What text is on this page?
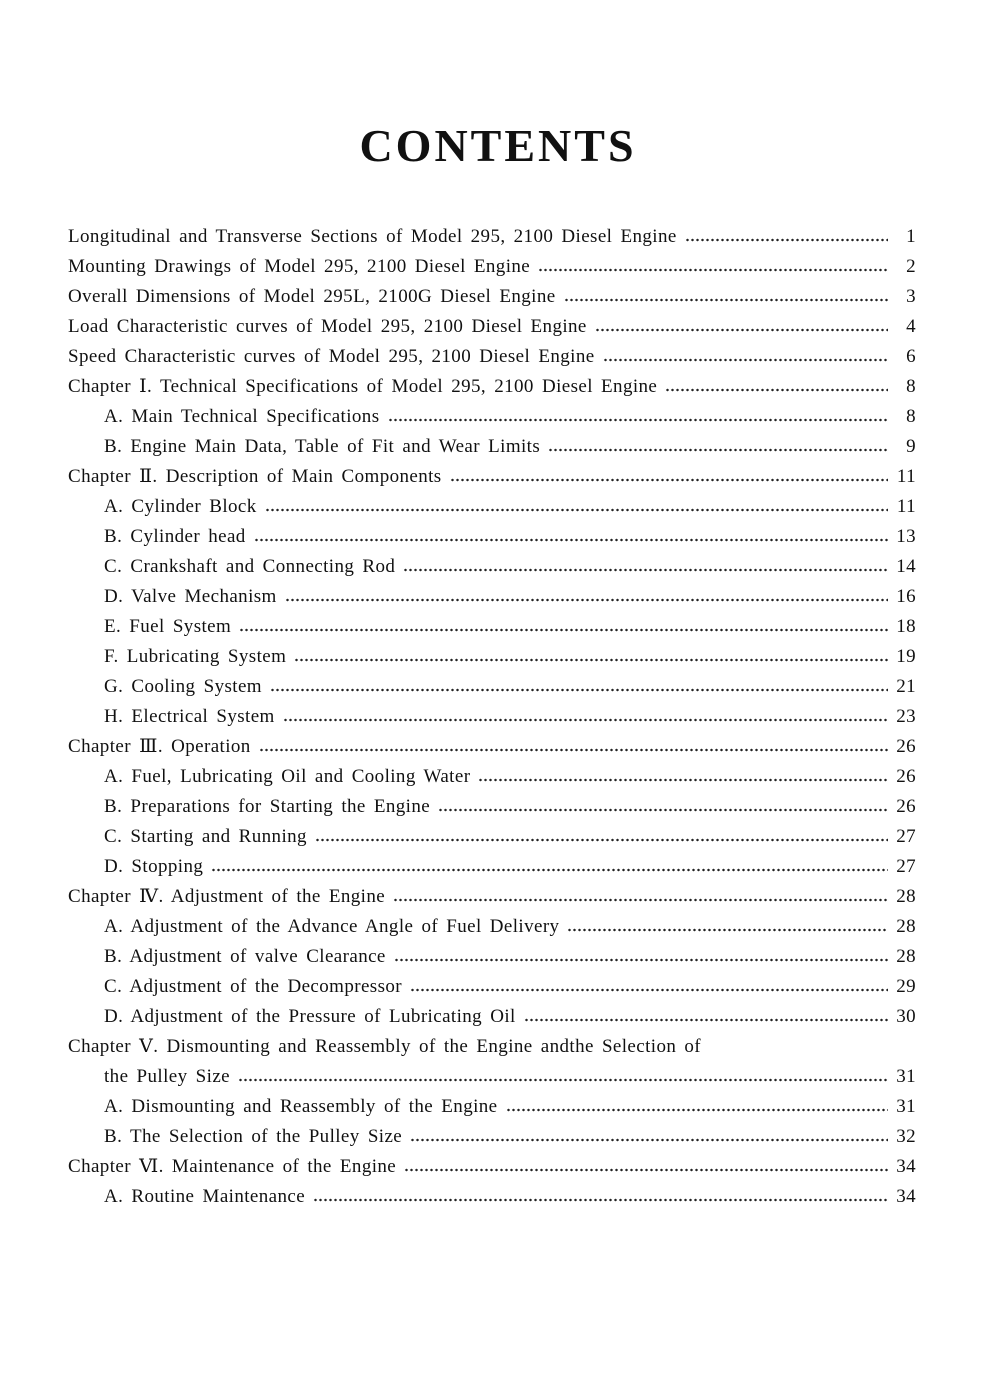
CONTENTS
Longitudinal and Transverse Sections of Model 295, 2100 Diesel Engine	1
Mounting Drawings of Model 295, 2100 Diesel Engine	2
Overall Dimensions of Model 295L, 2100G Diesel Engine	3
Load Characteristic curves of Model 295, 2100 Diesel Engine	4
Speed Characteristic curves of Model 295, 2100 Diesel Engine	6
Chapter Ⅰ. Technical Specifications of Model 295, 2100 Diesel Engine	8
A. Main Technical Specifications	8
B. Engine Main Data, Table of Fit and Wear Limits	9
Chapter Ⅱ. Description of Main Components	11
A. Cylinder Block	11
B. Cylinder head	13
C. Crankshaft and Connecting Rod	14
D. Valve Mechanism	16
E. Fuel System	18
F. Lubricating System	19
G. Cooling System	21
H. Electrical System	23
Chapter Ⅲ. Operation	26
A. Fuel, Lubricating Oil and Cooling Water	26
B. Preparations for Starting the Engine	26
C. Starting and Running	27
D. Stopping	27
Chapter Ⅳ. Adjustment of the Engine	28
A. Adjustment of the Advance Angle of Fuel Delivery	28
B. Adjustment of valve Clearance	28
C. Adjustment of the Decompressor	29
D. Adjustment of the Pressure of Lubricating Oil	30
Chapter Ⅴ. Dismounting and Reassembly of the Engine andthe Selection of
the Pulley Size	31
A. Dismounting and Reassembly of the Engine	31
B. The Selection of the Pulley Size	32
Chapter Ⅵ. Maintenance of the Engine	34
A. Routine Maintenance	34
